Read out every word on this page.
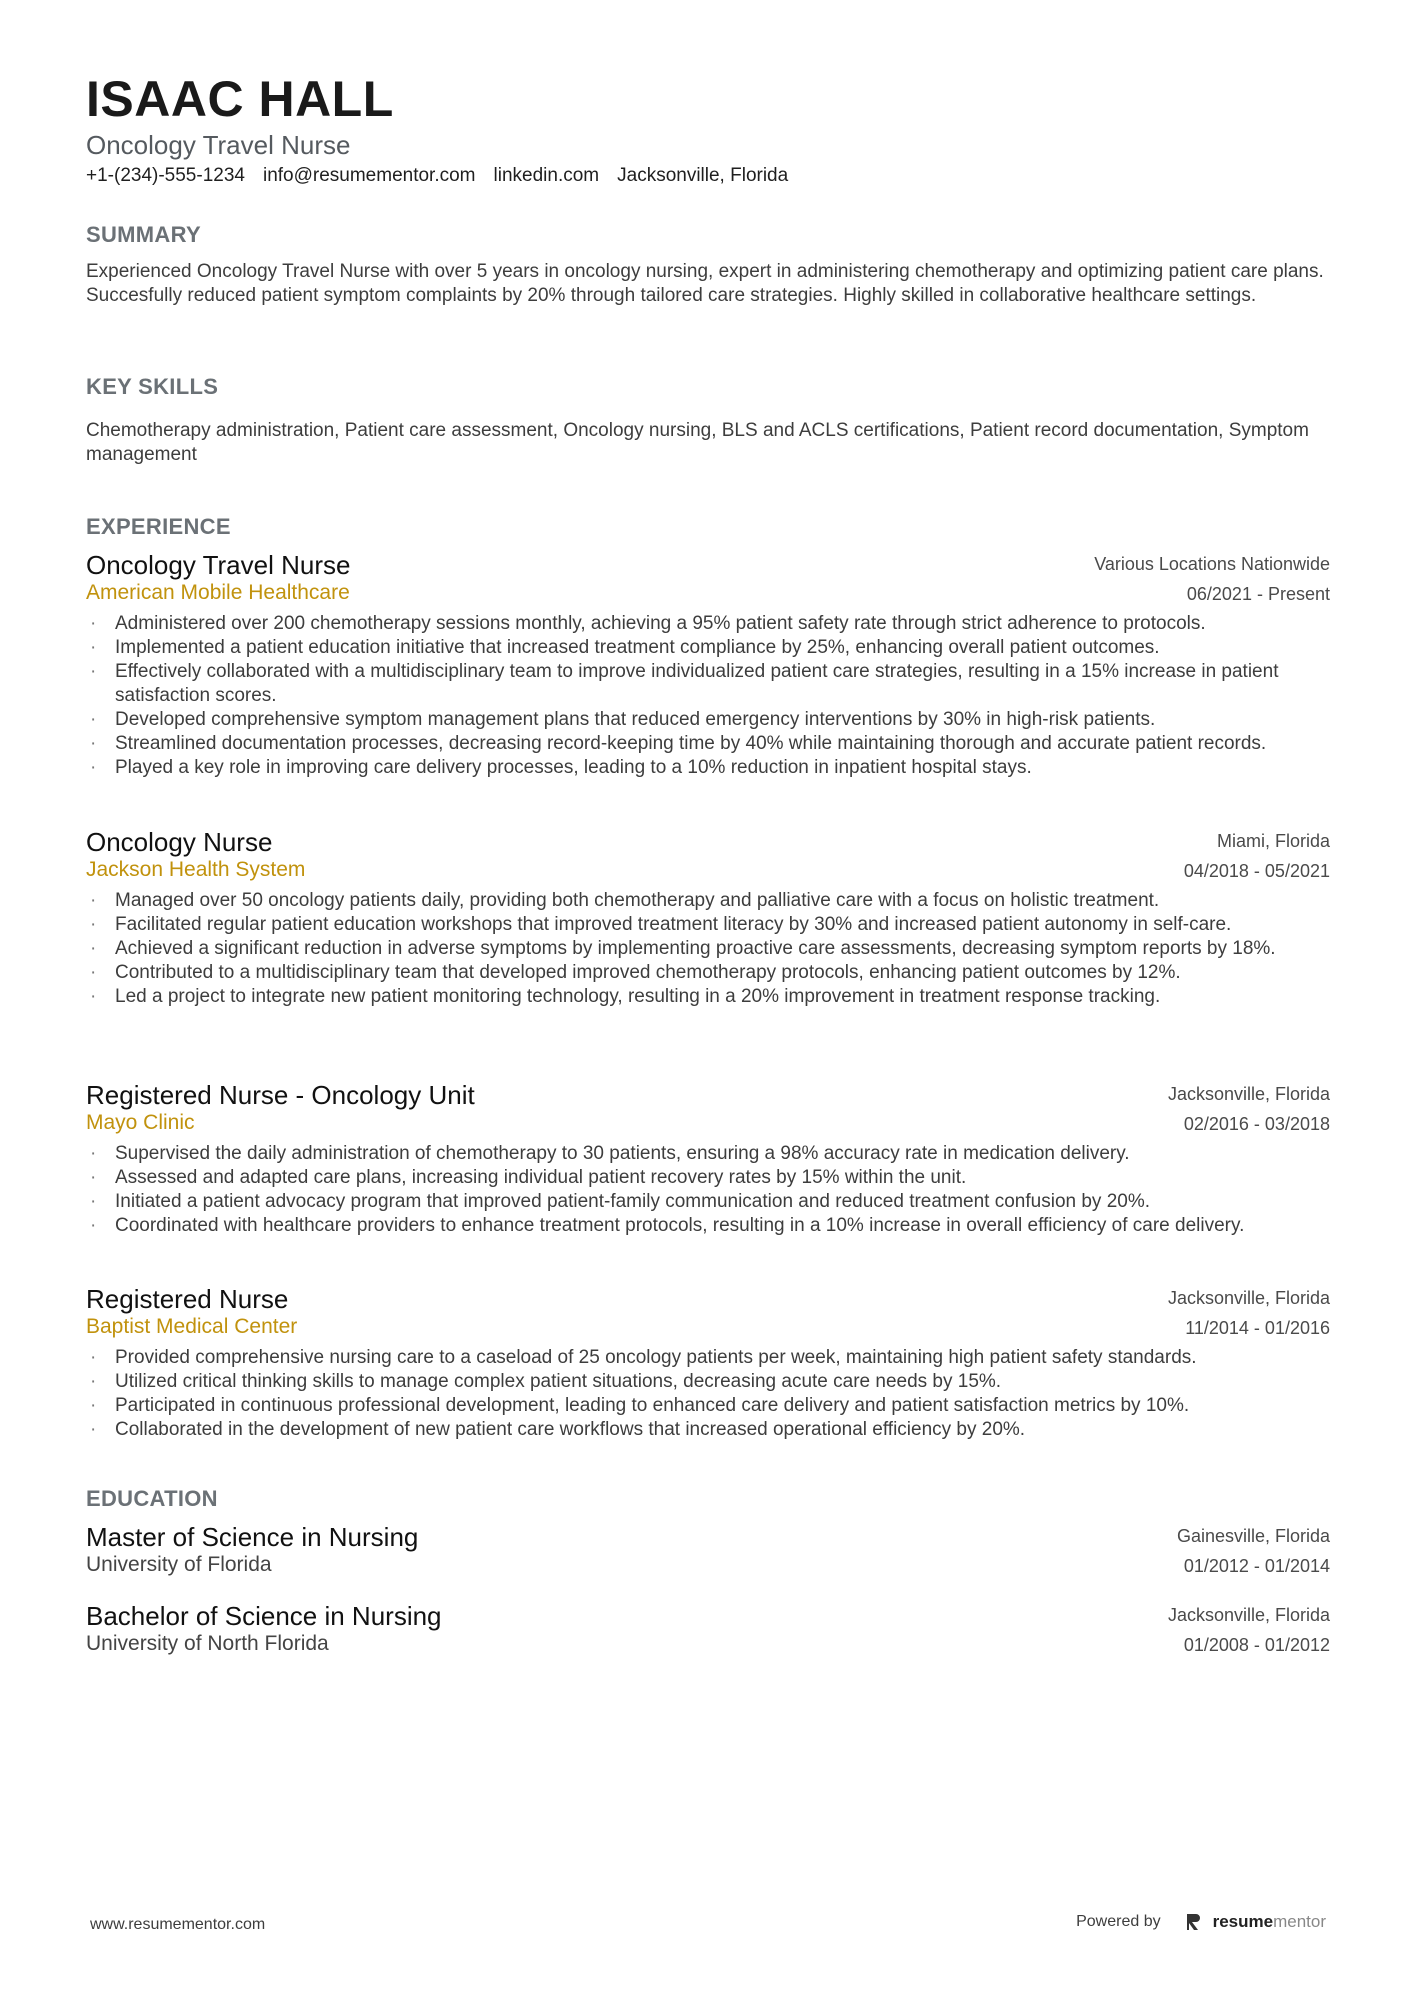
ISAAC HALL
Oncology Travel Nurse
+1-(234)-555-1234 info@resumementor.com linkedin.com Jacksonville, Florida
SUMMARY
Experienced Oncology Travel Nurse with over 5 years in oncology nursing, expert in administering chemotherapy and optimizing patient care plans. Succesfully reduced patient symptom complaints by 20% through tailored care strategies. Highly skilled in collaborative healthcare settings.
KEY SKILLS
Chemotherapy administration, Patient care assessment, Oncology nursing, BLS and ACLS certifications, Patient record documentation, Symptom management
EXPERIENCE
Oncology Travel Nurse
American Mobile Healthcare
Various Locations Nationwide
06/2021 - Present
· Administered over 200 chemotherapy sessions monthly, achieving a 95% patient safety rate through strict adherence to protocols.
· Implemented a patient education initiative that increased treatment compliance by 25%, enhancing overall patient outcomes.
· Effectively collaborated with a multidisciplinary team to improve individualized patient care strategies, resulting in a 15% increase in patient satisfaction scores.
· Developed comprehensive symptom management plans that reduced emergency interventions by 30% in high-risk patients.
· Streamlined documentation processes, decreasing record-keeping time by 40% while maintaining thorough and accurate patient records.
· Played a key role in improving care delivery processes, leading to a 10% reduction in inpatient hospital stays.
Oncology Nurse
Jackson Health System
Miami, Florida
04/2018 - 05/2021
· Managed over 50 oncology patients daily, providing both chemotherapy and palliative care with a focus on holistic treatment.
· Facilitated regular patient education workshops that improved treatment literacy by 30% and increased patient autonomy in self-care.
· Achieved a significant reduction in adverse symptoms by implementing proactive care assessments, decreasing symptom reports by 18%.
· Contributed to a multidisciplinary team that developed improved chemotherapy protocols, enhancing patient outcomes by 12%.
· Led a project to integrate new patient monitoring technology, resulting in a 20% improvement in treatment response tracking.
Registered Nurse - Oncology Unit
Mayo Clinic
Jacksonville, Florida
02/2016 - 03/2018
· Supervised the daily administration of chemotherapy to 30 patients, ensuring a 98% accuracy rate in medication delivery.
· Assessed and adapted care plans, increasing individual patient recovery rates by 15% within the unit.
· Initiated a patient advocacy program that improved patient-family communication and reduced treatment confusion by 20%.
· Coordinated with healthcare providers to enhance treatment protocols, resulting in a 10% increase in overall efficiency of care delivery.
Registered Nurse
Baptist Medical Center
Jacksonville, Florida
11/2014 - 01/2016
· Provided comprehensive nursing care to a caseload of 25 oncology patients per week, maintaining high patient safety standards.
· Utilized critical thinking skills to manage complex patient situations, decreasing acute care needs by 15%.
· Participated in continuous professional development, leading to enhanced care delivery and patient satisfaction metrics by 10%.
· Collaborated in the development of new patient care workflows that increased operational efficiency by 20%.
EDUCATION
Master of Science in Nursing
University of Florida
Gainesville, Florida
01/2012 - 01/2014
Bachelor of Science in Nursing
University of North Florida
Jacksonville, Florida
01/2008 - 01/2012
www.resumementor.com	Powered by	resumementor
